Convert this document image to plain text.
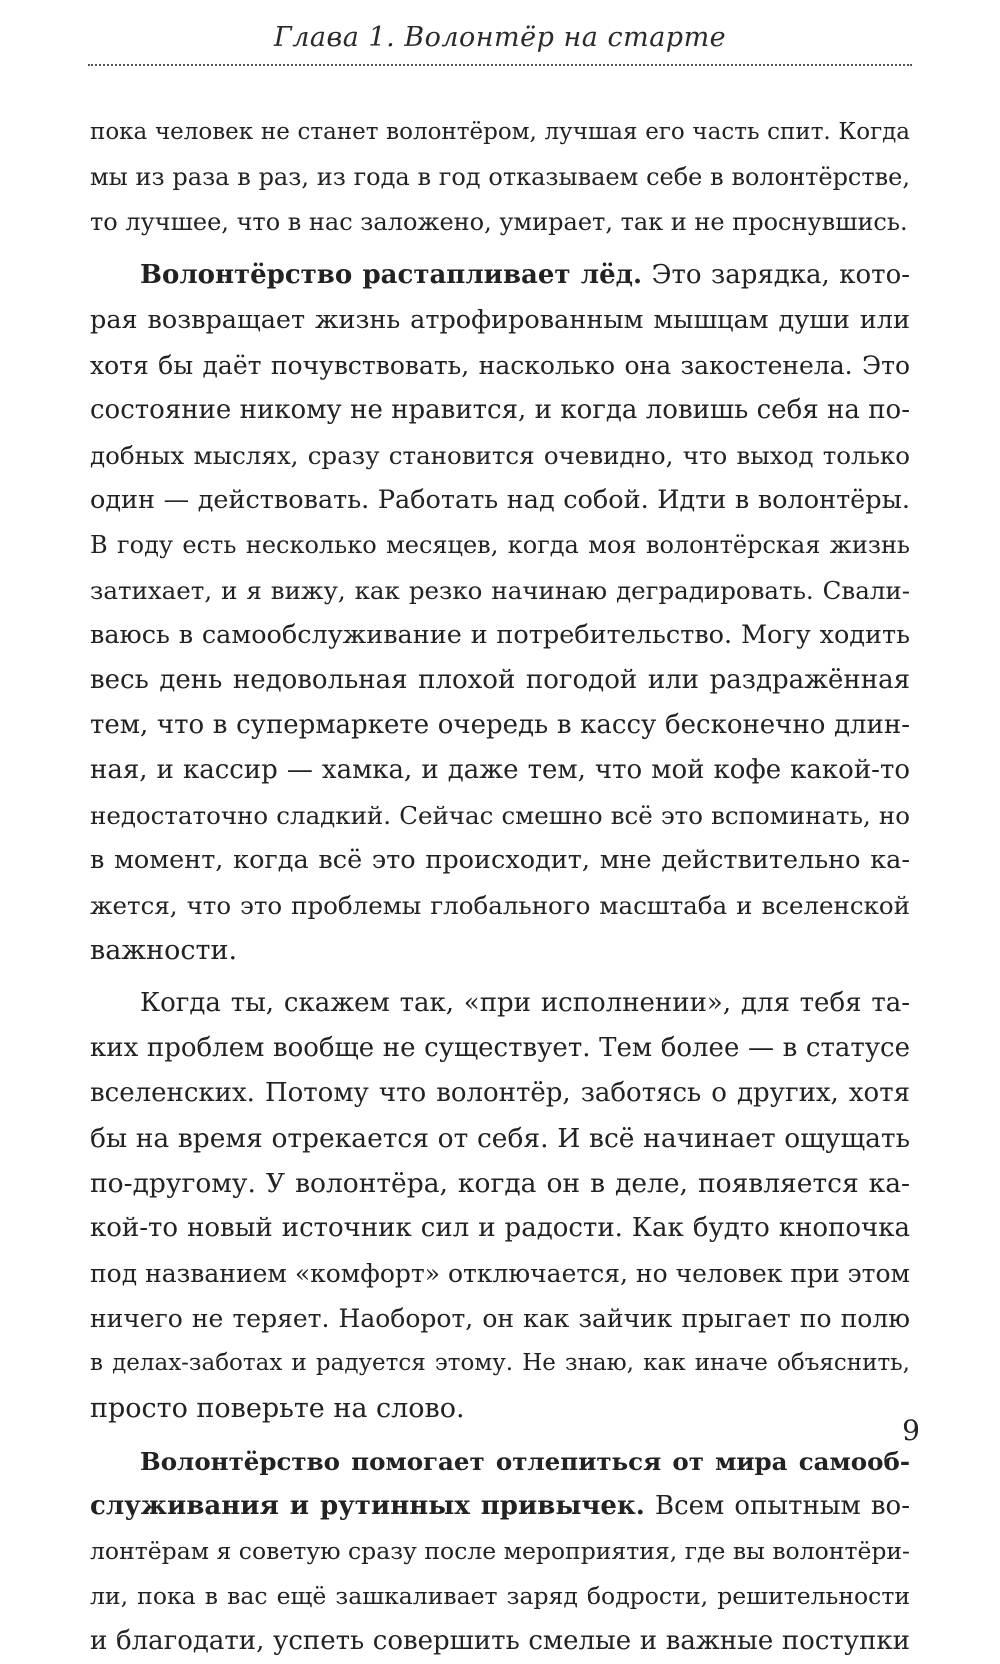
Глава 1. Волонтёр на старте
пока человек не станет волонтёром, лучшая его часть спит. Когда
мы из раза в раз, из года в год отказываем себе в волонтёрстве,
то лучшее, что в нас заложено, умирает, так и не проснувшись.
Волонтёрство растапливает лёд. Это зарядка, кото-
рая возвращает жизнь атрофированным мышцам души или
хотя бы даёт почувствовать, насколько она закостенела. Это
состояние никому не нравится, и когда ловишь себя на по-
добных мыслях, сразу становится очевидно, что выход только
один — действовать. Работать над собой. Идти в волонтёры.
В году есть несколько месяцев, когда моя волонтёрская жизнь
затихает, и я вижу, как резко начинаю деградировать. Свали-
ваюсь в самообслуживание и потребительство. Могу ходить
весь день недовольная плохой погодой или раздражённая
тем, что в супермаркете очередь в кассу бесконечно длин-
ная, и кассир — хамка, и даже тем, что мой кофе какой-то
недостаточно сладкий. Сейчас смешно всё это вспоминать, но
в момент, когда всё это происходит, мне действительно ка-
жется, что это проблемы глобального масштаба и вселенской
важности.
Когда ты, скажем так, «при исполнении», для тебя та-
ких проблем вообще не существует. Тем более — в статусе
вселенских. Потому что волонтёр, заботясь о других, хотя
бы на время отрекается от себя. И всё начинает ощущать
по-другому. У волонтёра, когда он в деле, появляется ка-
кой-то новый источник сил и радости. Как будто кнопочка
под названием «комфорт» отключается, но человек при этом
ничего не теряет. Наоборот, он как зайчик прыгает по полю
в делах-заботах и радуется этому. Не знаю, как иначе объяснить,
просто поверьте на слово.
Волонтёрство помогает отлепиться от мира самооб-
служивания и рутинных привычек. Всем опытным во-
лонтёрам я советую сразу после мероприятия, где вы волонтёри-
ли, пока в вас ещё зашкаливает заряд бодрости, решительности
и благодати, успеть совершить смелые и важные поступки
9
